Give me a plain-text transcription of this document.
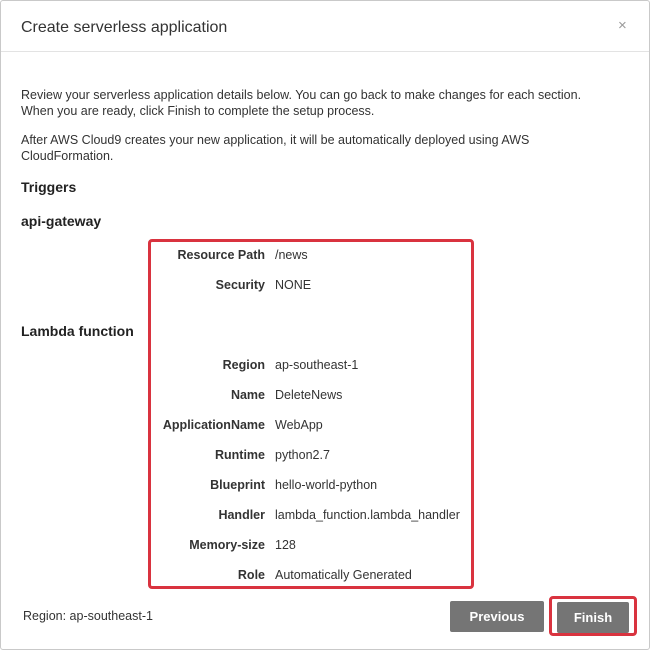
Create serverless application	×

Review your serverless application details below. You can go back to make changes for each section.
When you are ready, click Finish to complete the setup process.

After AWS Cloud9 creates your new application, it will be automatically deployed using AWS
CloudFormation.

Triggers
api-gateway
Lambda function
Resource Path /news
Security NONE
Region ap-southeast-1
Name DeleteNews
ApplicationName WebApp
Runtime python2.7
Blueprint hello-world-python
Handler lambda_function.lambda_handler
Memory-size 128
Role Automatically Generated
Region: ap-southeast-1	Previous	Finish
